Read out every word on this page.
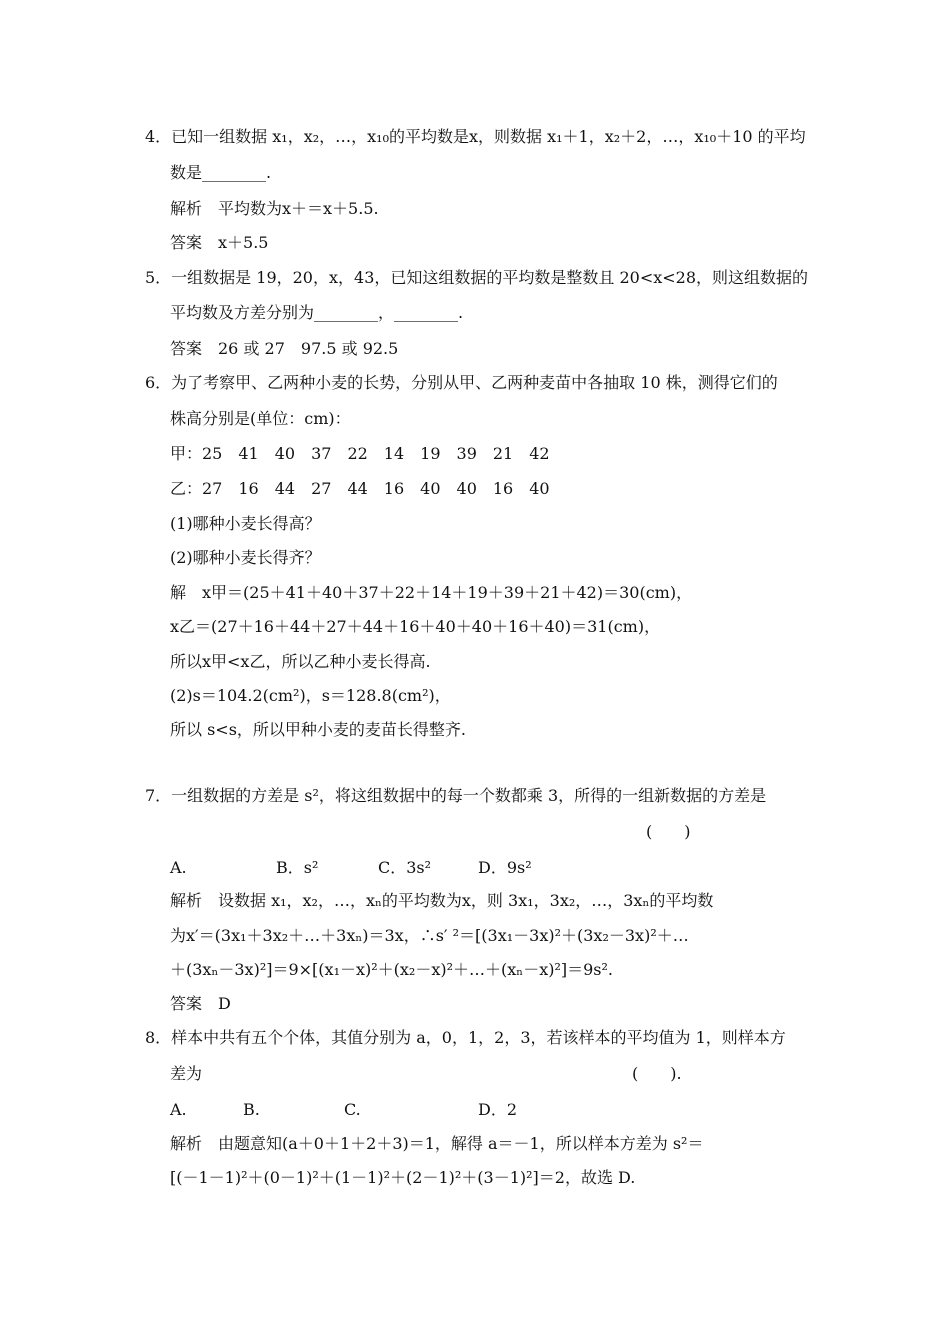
4．已知一组数据 x₁，x₂，…，x₁₀的平均数是x，则数据 x₁＋1，x₂＋2，…，x₁₀＋10 的平均
数是________.
解析　平均数为x＋＝x＋5.5.
答案　x＋5.5
5．一组数据是 19，20，x，43，已知这组数据的平均数是整数且 20<x<28，则这组数据的
平均数及方差分别为________，________.
答案　26 或 27　97.5 或 92.5
6．为了考察甲、乙两种小麦的长势，分别从甲、乙两种麦苗中各抽取 10 株，测得它们的
株高分别是(单位：cm)：
甲：25　41　40　37　22　14　19　39　21　42
乙：27　16　44　27　44　16　40　40　16　40
(1)哪种小麦长得高？
(2)哪种小麦长得齐？
解　x甲＝(25＋41＋40＋37＋22＋14＋19＋39＋21＋42)＝30(cm)，
x乙＝(27＋16＋44＋27＋44＋16＋40＋40＋16＋40)＝31(cm)，
所以x甲<x乙，所以乙种小麦长得高.
(2)s＝104.2(cm²)，s＝128.8(cm²)，
所以 s<s，所以甲种小麦的麦苗长得整齐.
7．一组数据的方差是 s²，将这组数据中的每一个数都乘 3，所得的一组新数据的方差是
(　　)
A.	B．s²	C．3s²	D．9s²
解析　设数据 x₁，x₂，…，xₙ的平均数为x，则 3x₁，3x₂，…，3xₙ的平均数
为x′＝(3x₁＋3x₂＋…＋3xₙ)＝3x，∴s′ ²＝[(3x₁－3x)²＋(3x₂－3x)²＋…
＋(3xₙ－3x)²]＝9×[(x₁－x)²＋(x₂－x)²＋…＋(xₙ－x)²]＝9s².
答案　D
8．样本中共有五个个体，其值分别为 a，0，1，2，3，若该样本的平均值为 1，则样本方
差为	(　　).
A.	B.	C.	D．2
解析　由题意知(a＋0＋1＋2＋3)＝1，解得 a＝－1，所以样本方差为 s²＝
[(－1－1)²＋(0－1)²＋(1－1)²＋(2－1)²＋(3－1)²]＝2，故选 D.
